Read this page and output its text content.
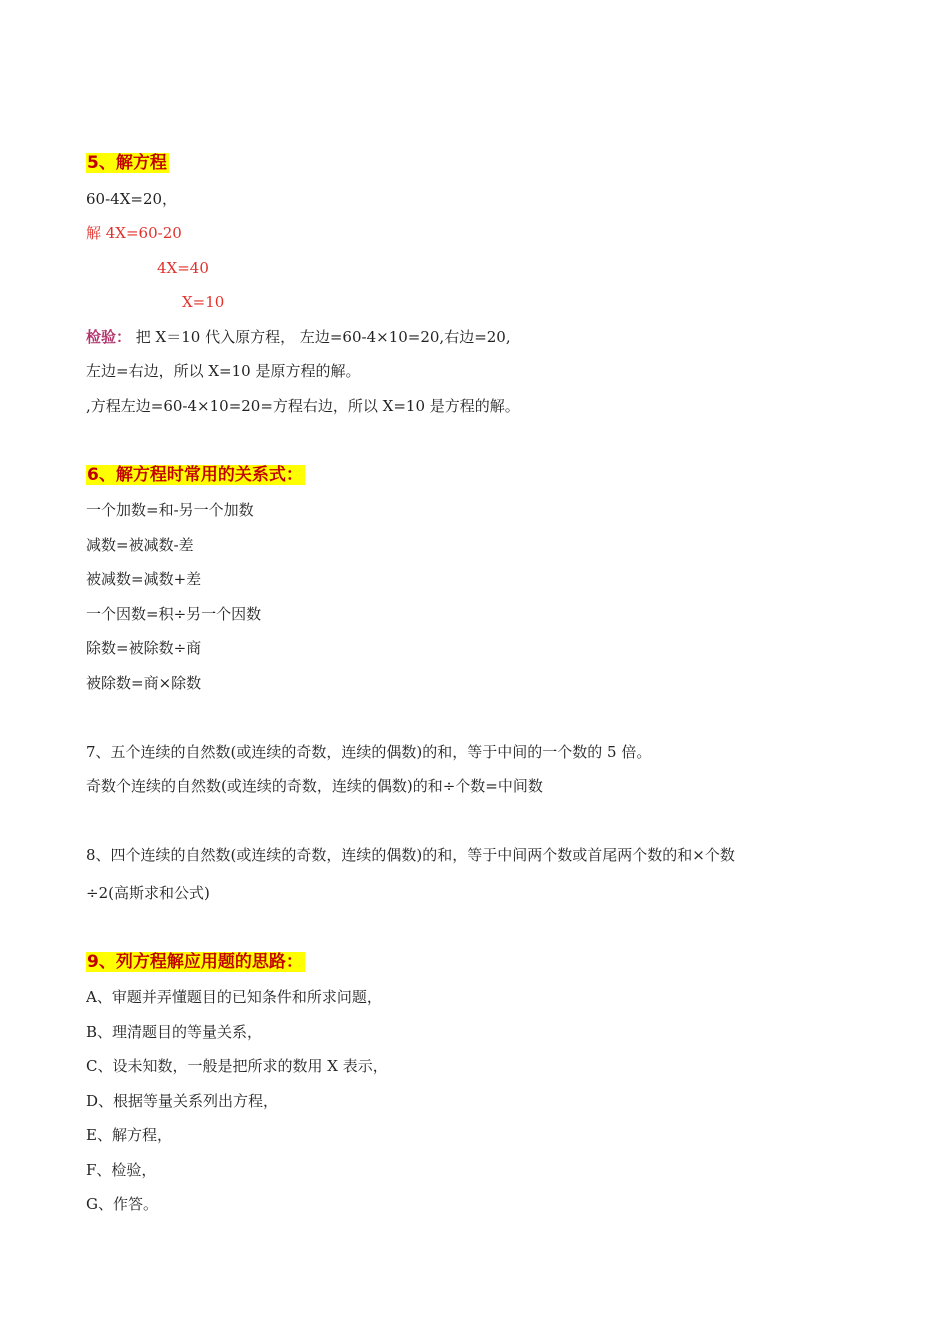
5、解方程
60-4X=20，
解 4X=60-20
4X=40
X=10
检验： 把 X＝10 代入原方程， 左边=60-4×10=20,右边=20,
左边=右边，所以 X=10 是原方程的解。
,方程左边=60-4×10=20=方程右边，所以 X=10 是方程的解。
6、解方程时常用的关系式：
一个加数=和-另一个加数
减数=被减数-差
被减数=减数+差
一个因数=积÷另一个因数
除数=被除数÷商
被除数=商×除数
7、五个连续的自然数(或连续的奇数，连续的偶数)的和，等于中间的一个数的 5 倍。
奇数个连续的自然数(或连续的奇数，连续的偶数)的和÷个数=中间数
8、四个连续的自然数(或连续的奇数，连续的偶数)的和，等于中间两个数或首尾两个数的和×个数
÷2(高斯求和公式)
9、列方程解应用题的思路：
A、审题并弄懂题目的已知条件和所求问题，
B、理清题目的等量关系，
C、设未知数，一般是把所求的数用 X 表示，
D、根据等量关系列出方程，
E、解方程，
F、检验，
G、作答。
